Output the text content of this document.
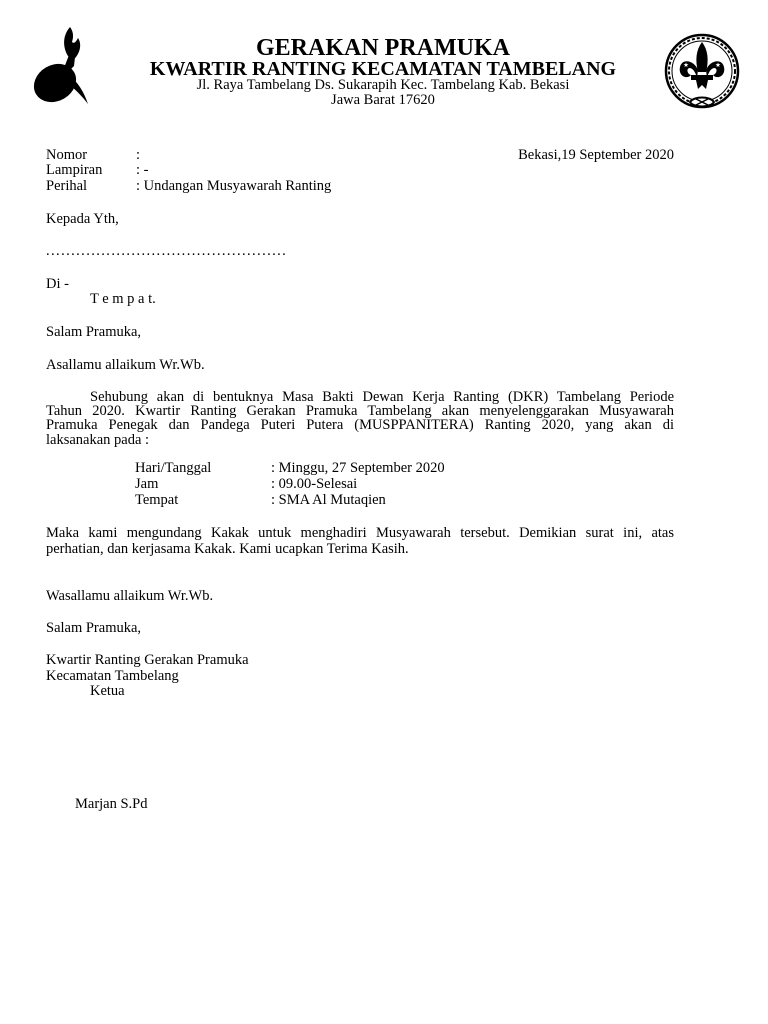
GERAKAN PRAMUKA
KWARTIR RANTING KECAMATAN TAMBELANG
Jl. Raya Tambelang Ds. Sukarapih Kec. Tambelang Kab. Bekasi
Jawa Barat 17620
Bekasi,19 September 2020
Nomor	:
Lampiran : -
Perihal	: Undangan Musyawarah Ranting
Kepada Yth,
................................................
Di -
T e m p a t.
Salam Pramuka,
Asallamu allaikum Wr.Wb.
Sehubung akan di bentuknya Masa Bakti Dewan Kerja Ranting (DKR) Tambelang Periode
Tahun 2020. Kwartir Ranting Gerakan Pramuka Tambelang akan menyelenggarakan Musyawarah
Pramuka Penegak dan Pandega Puteri Putera (MUSPPANITERA) Ranting 2020, yang akan di
laksanakan pada :
Hari/Tanggal	: Minggu, 27 September 2020
Jam	: 09.00-Selesai
Tempat	: SMA Al Mutaqien
Maka kami mengundang Kakak untuk menghadiri Musyawarah tersebut. Demikian surat ini, atas
perhatian, dan kerjasama Kakak. Kami ucapkan Terima Kasih.
Wasallamu allaikum Wr.Wb.
Salam Pramuka,
Kwartir Ranting Gerakan Pramuka
Kecamatan Tambelang
Ketua
Marjan S.Pd
